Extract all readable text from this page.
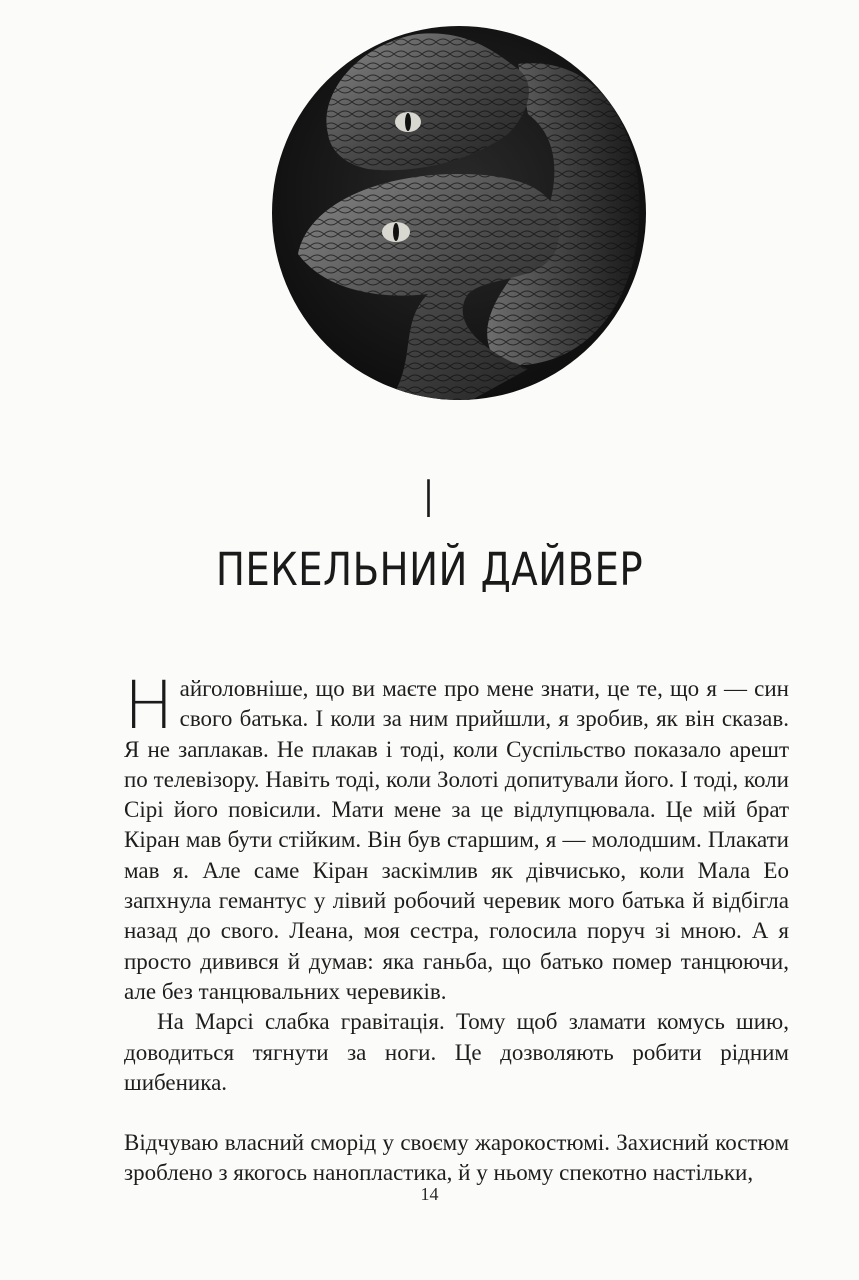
I
ПЕКЕЛЬНИЙ ДАЙВЕР

Найголовніше, що ви маєте про мене знати, це те, що я — син свого батька. І коли за ним прийшли, я зробив, як він сказав. Я не заплакав. Не плакав і тоді, коли Суспільство показало арешт по телевізору. Навіть тоді, коли Золоті допитували його. І тоді, коли Сірі його повісили. Мати мене за це відлупцювала. Це мій брат Кіран мав бути стійким. Він був старшим, я — молодшим. Плакати мав я. Але саме Кіран заскімлив як дівчисько, коли Мала Ео запхнула гемантус у лівий робочий черевик мого батька й відбігла назад до свого. Леана, моя сестра, голосила поруч зі мною. А я просто дивився й думав: яка ганьба, що батько помер танцюючи, але без танцювальних черевиків.

На Марсі слабка гравітація. Тому щоб зламати комусь шию, доводиться тягнути за ноги. Це дозволяють робити рідним шибеника.

Відчуваю власний сморід у своєму жарокостюмі. Захисний костюм зроблено з якогось нанопластика, й у ньому спекотно настільки,

14
